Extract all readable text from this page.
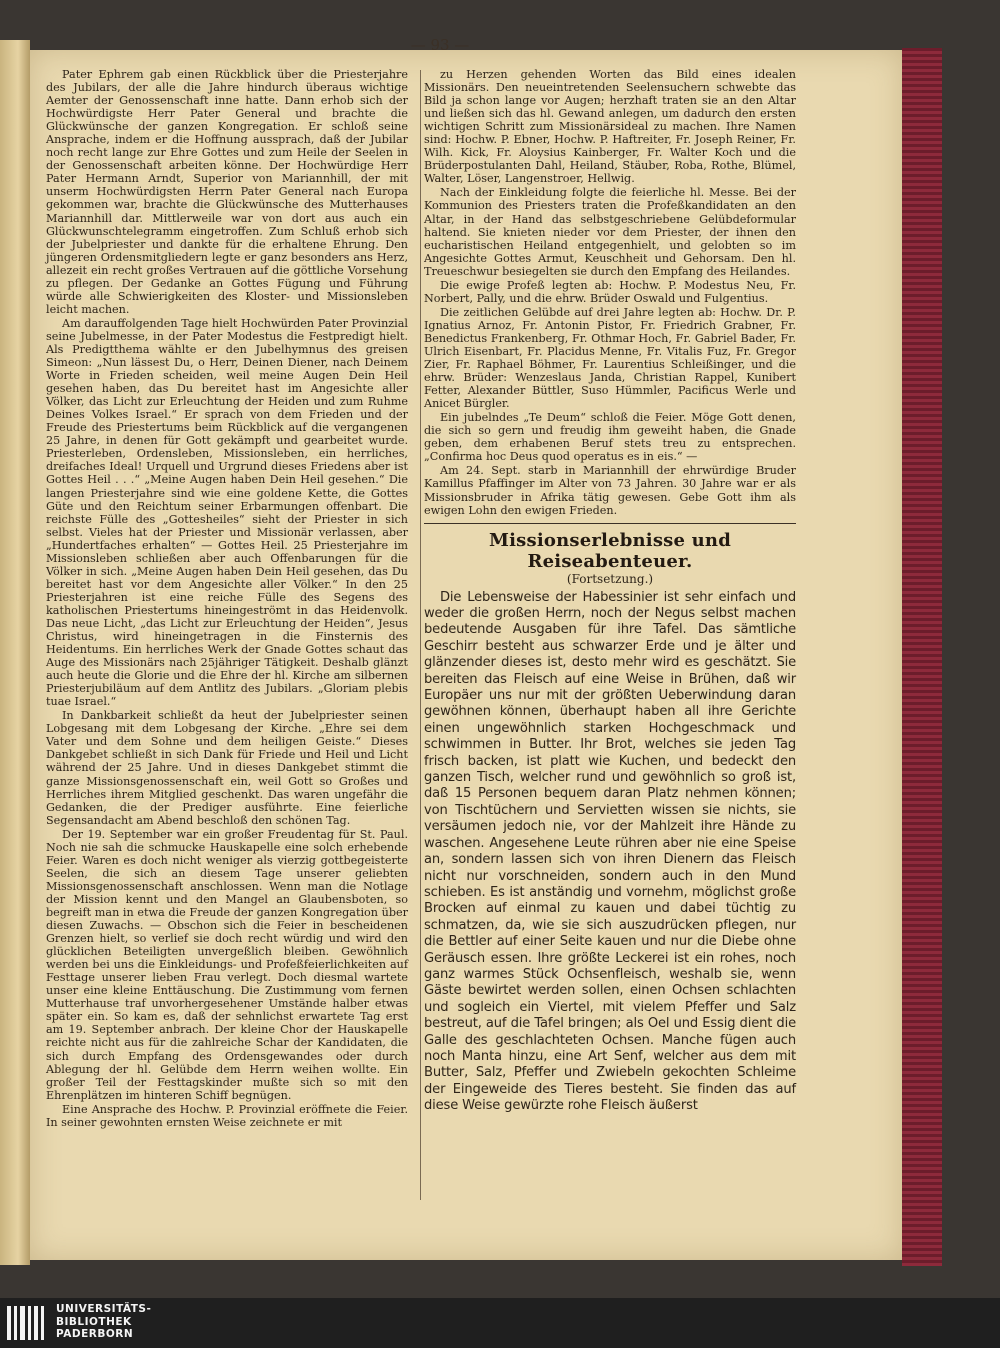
— 93 —

Pater Ephrem gab einen Rückblick über die Priesterjahre des Jubilars, der alle die Jahre hindurch überaus wichtige Aemter der Genossenschaft inne hatte. Dann erhob sich der Hochwürdigste Herr Pater General und brachte die Glückwünsche der ganzen Kongregation. Er schloß seine Ansprache, indem er die Hoffnung aussprach, daß der Jubilar noch recht lange zur Ehre Gottes und zum Heile der Seelen in der Genossenschaft arbeiten könne. Der Hochwürdige Herr Pater Hermann Arndt, Superior von Mariannhill, der mit unserm Hochwürdigsten Herrn Pater General nach Europa gekommen war, brachte die Glückwünsche des Mutterhauses Mariannhill dar. Mittlerweile war von dort aus auch ein Glückwunschtelegramm eingetroffen. Zum Schluß erhob sich der Jubelpriester und dankte für die erhaltene Ehrung. Den jüngeren Ordensmitgliedern legte er ganz besonders ans Herz, allezeit ein recht großes Vertrauen auf die göttliche Vorsehung zu pflegen. Der Gedanke an Gottes Fügung und Führung würde alle Schwierigkeiten des Kloster- und Missionsleben leicht machen.

Am darauffolgenden Tage hielt Hochwürden Pater Provinzial seine Jubelmesse, in der Pater Modestus die Festpredigt hielt. Als Predigtthema wählte er den Jubelhymnus des greisen Simeon: „Nun lässest Du, o Herr, Deinen Diener, nach Deinem Worte in Frieden scheiden, weil meine Augen Dein Heil gesehen haben, das Du bereitet hast im Angesichte aller Völker, das Licht zur Erleuchtung der Heiden und zum Ruhme Deines Volkes Israel.“ Er sprach von dem Frieden und der Freude des Priestertums beim Rückblick auf die vergangenen 25 Jahre, in denen für Gott gekämpft und gearbeitet wurde. Priesterleben, Ordensleben, Missionsleben, ein herrliches, dreifaches Ideal! Urquell und Urgrund dieses Friedens aber ist Gottes Heil . . .“ „Meine Augen haben Dein Heil gesehen.“ Die langen Priesterjahre sind wie eine goldene Kette, die Gottes Güte und den Reichtum seiner Erbarmungen offenbart. Die reichste Fülle des „Gottesheiles“ sieht der Priester in sich selbst. Vieles hat der Priester und Missionär verlassen, aber „Hundertfaches erhalten“ — Gottes Heil. 25 Priesterjahre im Missionsleben schließen aber auch Offenbarungen für die Völker in sich. „Meine Augen haben Dein Heil gesehen, das Du bereitet hast vor dem Angesichte aller Völker.“ In den 25 Priesterjahren ist eine reiche Fülle des Segens des katholischen Priestertums hineingeströmt in das Heidenvolk. Das neue Licht, „das Licht zur Erleuchtung der Heiden“, Jesus Christus, wird hineingetragen in die Finsternis des Heidentums. Ein herrliches Werk der Gnade Gottes schaut das Auge des Missionärs nach 25jähriger Tätigkeit. Deshalb glänzt auch heute die Glorie und die Ehre der hl. Kirche am silbernen Priesterjubiläum auf dem Antlitz des Jubilars. „Gloriam plebis tuae Israel.“

In Dankbarkeit schließt da heut der Jubelpriester seinen Lobgesang mit dem Lobgesang der Kirche. „Ehre sei dem Vater und dem Sohne und dem heiligen Geiste.“ Dieses Dankgebet schließt in sich Dank für Friede und Heil und Licht während der 25 Jahre. Und in dieses Dankgebet stimmt die ganze Missionsgenossenschaft ein, weil Gott so Großes und Herrliches ihrem Mitglied geschenkt. Das waren ungefähr die Gedanken, die der Prediger ausführte. Eine feierliche Segensandacht am Abend beschloß den schönen Tag.

Der 19. September war ein großer Freudentag für St. Paul. Noch nie sah die schmucke Hauskapelle eine solch erhebende Feier. Waren es doch nicht weniger als vierzig gottbegeisterte Seelen, die sich an diesem Tage unserer geliebten Missionsgenossenschaft anschlossen. Wenn man die Notlage der Mission kennt und den Mangel an Glaubensboten, so begreift man in etwa die Freude der ganzen Kongregation über diesen Zuwachs. — Obschon sich die Feier in bescheidenen Grenzen hielt, so verlief sie doch recht würdig und wird den glücklichen Beteiligten unvergeßlich bleiben. Gewöhnlich werden bei uns die Einkleidungs- und Profeßfeierlichkeiten auf Festtage unserer lieben Frau verlegt. Doch diesmal wartete unser eine kleine Enttäuschung. Die Zustimmung vom fernen Mutterhause traf unvorhergesehener Umstände halber etwas später ein. So kam es, daß der sehnlichst erwartete Tag erst am 19. September anbrach. Der kleine Chor der Hauskapelle reichte nicht aus für die zahlreiche Schar der Kandidaten, die sich durch Empfang des Ordensgewandes oder durch Ablegung der hl. Gelübde dem Herrn weihen wollte. Ein großer Teil der Festtagskinder mußte sich so mit den Ehrenplätzen im hinteren Schiff begnügen.

Eine Ansprache des Hochw. P. Provinzial eröffnete die Feier. In seiner gewohnten ernsten Weise zeichnete er mit

zu Herzen gehenden Worten das Bild eines idealen Missionärs. Den neueintretenden Seelensuchern schwebte das Bild ja schon lange vor Augen; herzhaft traten sie an den Altar und ließen sich das hl. Gewand anlegen, um dadurch den ersten wichtigen Schritt zum Missionärsideal zu machen. Ihre Namen sind: Hochw. P. Ebner, Hochw. P. Haftreiter, Fr. Joseph Reiner, Fr. Wilh. Kick, Fr. Aloysius Kainberger, Fr. Walter Koch und die Brüderpostulanten Dahl, Heiland, Stäuber, Roba, Rothe, Blümel, Walter, Löser, Langenstroer, Hellwig.

Nach der Einkleidung folgte die feierliche hl. Messe. Bei der Kommunion des Priesters traten die Profeßkandidaten an den Altar, in der Hand das selbstgeschriebene Gelübdeformular haltend. Sie knieten nieder vor dem Priester, der ihnen den eucharistischen Heiland entgegenhielt, und gelobten so im Angesichte Gottes Armut, Keuschheit und Gehorsam. Den hl. Treueschwur besiegelten sie durch den Empfang des Heilandes.

Die ewige Profeß legten ab: Hochw. P. Modestus Neu, Fr. Norbert, Pally, und die ehrw. Brüder Oswald und Fulgentius.

Die zeitlichen Gelübde auf drei Jahre legten ab: Hochw. Dr. P. Ignatius Arnoz, Fr. Antonin Pistor, Fr. Friedrich Grabner, Fr. Benedictus Frankenberg, Fr. Othmar Hoch, Fr. Gabriel Bader, Fr. Ulrich Eisenbart, Fr. Placidus Menne, Fr. Vitalis Fuz, Fr. Gregor Zier, Fr. Raphael Böhmer, Fr. Laurentius Schleißinger, und die ehrw. Brüder: Wenzeslaus Janda, Christian Rappel, Kunibert Fetter, Alexander Büttler, Suso Hümmler, Pacificus Werle und Anicet Bürgler.

Ein jubelndes „Te Deum“ schloß die Feier. Möge Gott denen, die sich so gern und freudig ihm geweiht haben, die Gnade geben, dem erhabenen Beruf stets treu zu entsprechen. „Confirma hoc Deus quod operatus es in eis.“ —

Am 24. Sept. starb in Mariannhill der ehrwürdige Bruder Kamillus Pfaffinger im Alter von 73 Jahren. 30 Jahre war er als Missionsbruder in Afrika tätig gewesen. Gebe Gott ihm als ewigen Lohn den ewigen Frieden.

Missionserlebnisse und Reiseabenteuer.
(Fortsetzung.)

Die Lebensweise der Habessinier ist sehr einfach und weder die großen Herrn, noch der Negus selbst machen bedeutende Ausgaben für ihre Tafel. Das sämtliche Geschirr besteht aus schwarzer Erde und je älter und glänzender dieses ist, desto mehr wird es geschätzt. Sie bereiten das Fleisch auf eine Weise in Brühen, daß wir Europäer uns nur mit der größten Ueberwindung daran gewöhnen können, überhaupt haben all ihre Gerichte einen ungewöhnlich starken Hochgeschmack und schwimmen in Butter. Ihr Brot, welches sie jeden Tag frisch backen, ist platt wie Kuchen, und bedeckt den ganzen Tisch, welcher rund und gewöhnlich so groß ist, daß 15 Personen bequem daran Platz nehmen können; von Tischtüchern und Servietten wissen sie nichts, sie versäumen jedoch nie, vor der Mahlzeit ihre Hände zu waschen. Angesehene Leute rühren aber nie eine Speise an, sondern lassen sich von ihren Dienern das Fleisch nicht nur vorschneiden, sondern auch in den Mund schieben. Es ist anständig und vornehm, möglichst große Brocken auf einmal zu kauen und dabei tüchtig zu schmatzen, da, wie sie sich auszudrücken pflegen, nur die Bettler auf einer Seite kauen und nur die Diebe ohne Geräusch essen. Ihre größte Leckerei ist ein rohes, noch ganz warmes Stück Ochsenfleisch, weshalb sie, wenn Gäste bewirtet werden sollen, einen Ochsen schlachten und sogleich ein Viertel, mit vielem Pfeffer und Salz bestreut, auf die Tafel bringen; als Oel und Essig dient die Galle des geschlachteten Ochsen. Manche fügen auch noch Manta hinzu, eine Art Senf, welcher aus dem mit Butter, Salz, Pfeffer und Zwiebeln gekochten Schleime der Eingeweide des Tieres besteht. Sie finden das auf diese Weise gewürzte rohe Fleisch äußerst

UNIVERSITÄTS-
BIBLIOTHEK
PADERBORN
